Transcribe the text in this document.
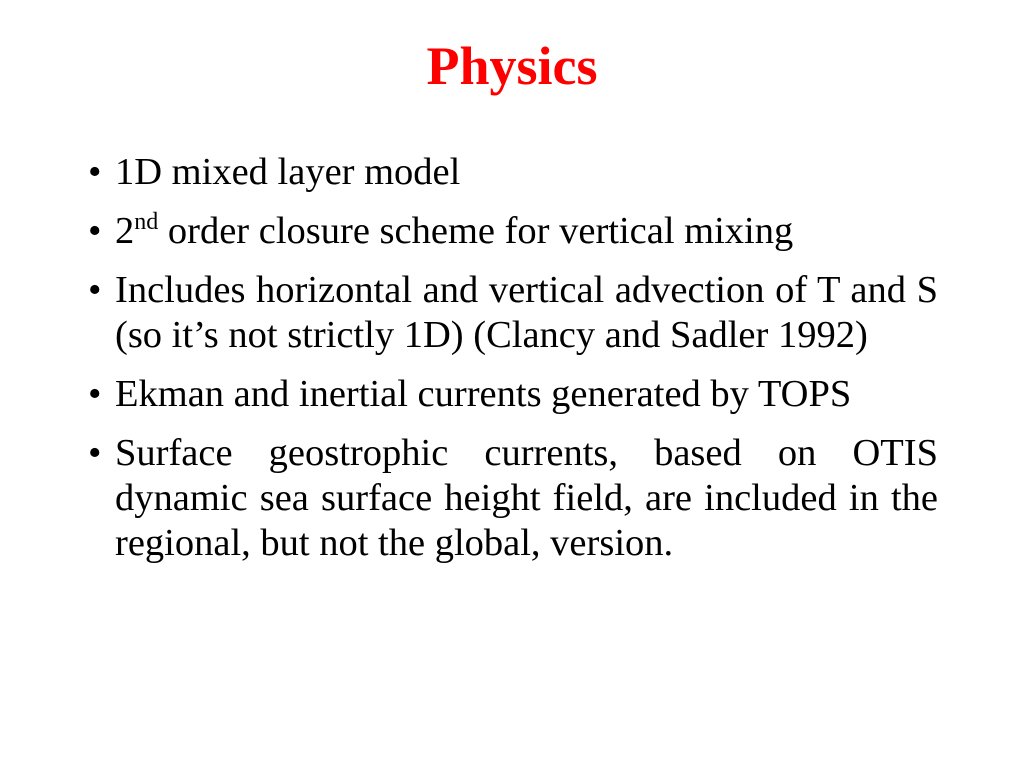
Physics
• 1D mixed layer model
• 2nd order closure scheme for vertical mixing
• Includes horizontal and vertical advection of T and S (so it’s not strictly 1D) (Clancy and Sadler 1992)
• Ekman and inertial currents generated by TOPS
• Surface geostrophic currents, based on OTIS dynamic sea surface height field, are included in the regional, but not the global, version.
